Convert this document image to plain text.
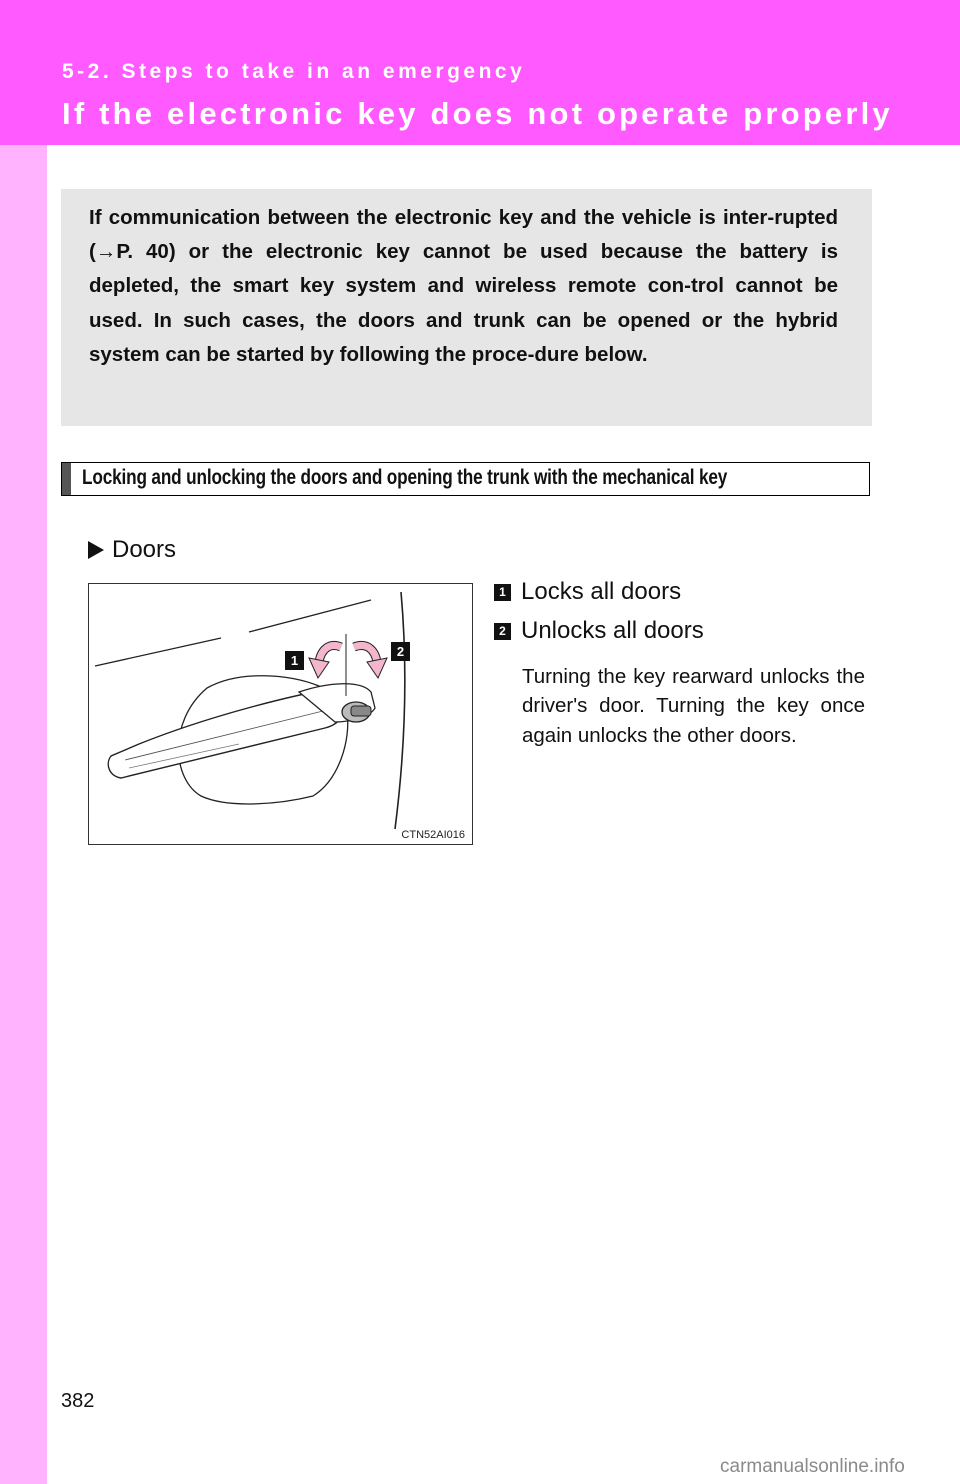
5-2. Steps to take in an emergency
If the electronic key does not operate properly

If communication between the electronic key and the vehicle is inter-rupted (→P. 40) or the electronic key cannot be used because the battery is depleted, the smart key system and wireless remote con-trol cannot be used. In such cases, the doors and trunk can be opened or the hybrid system can be started by following the proce-dure below.

Locking and unlocking the doors and opening the trunk with the mechanical key
Doors
1
2
CTN52AI016
1 Locks all doors
2 Unlocks all doors

Turning the key rearward unlocks the driver's door. Turning the key once again unlocks the other doors.

382
carmanualsonline.info
